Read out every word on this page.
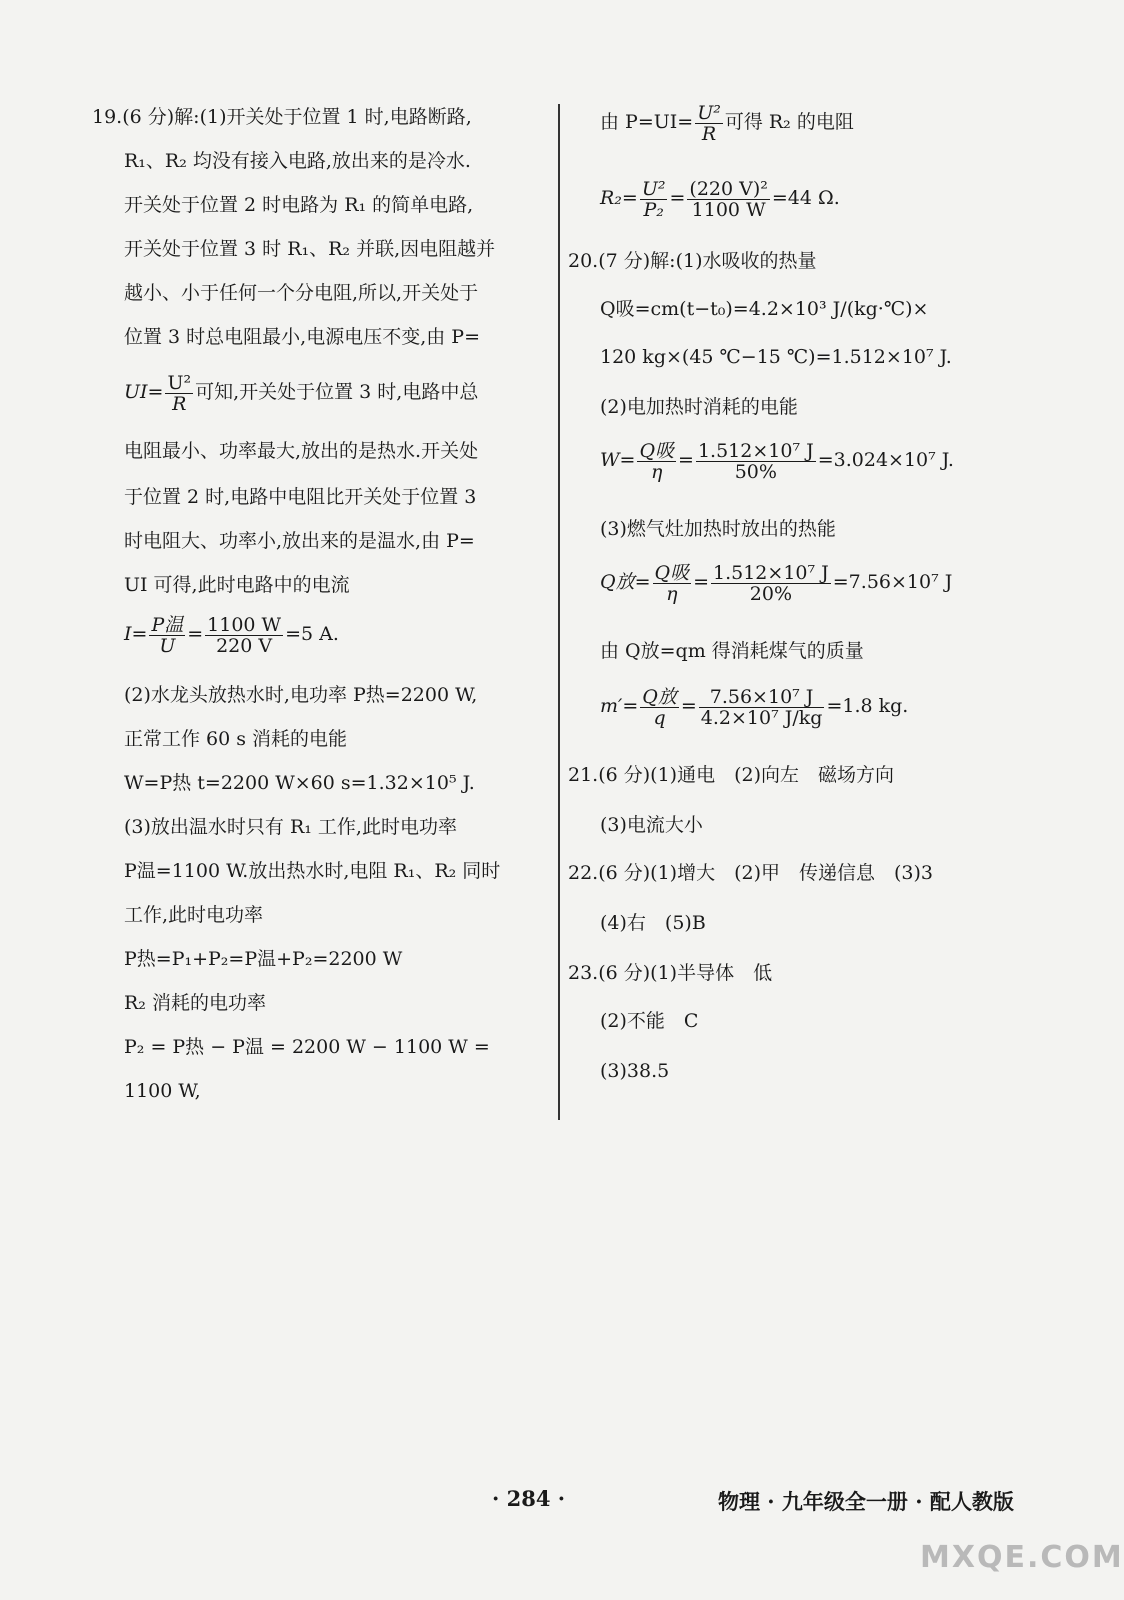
19.(6 分)解:(1)开关处于位置 1 时,电路断路,
R₁、R₂ 均没有接入电路,放出来的是冷水.
开关处于位置 2 时电路为 R₁ 的简单电路,
开关处于位置 3 时 R₁、R₂ 并联,因电阻越并
越小、小于任何一个分电阻,所以,开关处于
位置 3 时总电阻最小,电源电压不变,由 P=
$UI= \frac{\text{U²}}{R}$ 可知,开关处于位置 3 时,电路中总
电阻最小、功率最大,放出的是热水.开关处
于位置 2 时,电路中电阻比开关处于位置 3
时电阻大、功率小,放出来的是温水,由 P=
UI 可得,此时电路中的电流
$I= \frac{\text{P温}}{U} = \frac{1100 W}{220 V} =5$ A.
(2)水龙头放热水时,电功率 P热=2200 W,
正常工作 60 s 消耗的电能
W=P热 t=2200 W×60 s=1.32×10⁵ J.
(3)放出温水时只有 R₁ 工作,此时电功率
P温=1100 W.放出热水时,电阻 R₁、R₂ 同时
工作,此时电功率
P热=P₁+P₂=P温+P₂=2200 W
R₂ 消耗的电功率
P₂ = P热 − P温 = 2200 W − 1100 W =
1100 W,
由 $P=UI= \frac{\text{U²}}{R}$ 可得 R₂ 的电阻
$R_2= \frac{\text{U²}}{\text{P₂}} = \frac{\text{(220 V)²}}{1100 W} =44$ Ω.
20.(7 分)解:(1)水吸收的热量
Q吸=cm(t−t₀)=4.2×10³ J/(kg·℃)×
120 kg×(45 ℃−15 ℃)=1.512×10⁷ J.
(2)电加热时消耗的电能
$W= \frac{\text{Q吸}}{\eta} = \frac{\text{1.512×10⁷ J}}{50\%} =3.024\times 10^7$ J.
(3)燃气灶加热时放出的热能
Q放= $\frac{\text{Q吸}}{\eta} = \frac{\text{1.512×10⁷ J}}{20\%} =7.56\times 10^7$ J
由 Q放=qm 得消耗煤气的质量
$m'= \frac{\text{Q放}}{q} = \frac{\text{7.56×10⁷ J}}{\text{4.2×10⁷ J/kg}} =1.8$ kg.
21.(6 分)(1)通电　(2)向左　磁场方向
(3)电流大小
22.(6 分)(1)增大　(2)甲　传递信息　(3)3
(4)右　(5)B
23.(6 分)(1)半导体　低
(2)不能　C
(3)38.5
· 284 ·	物理 · 九年级全一册 · 配人教版
MXQE.COM
